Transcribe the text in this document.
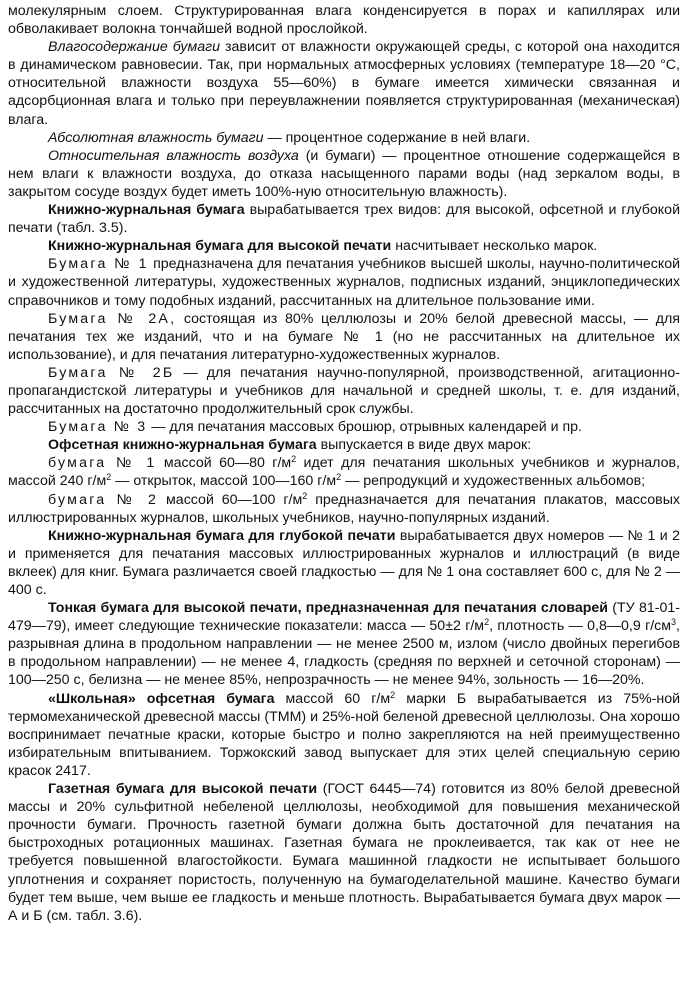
молекулярным слоем. Структурированная влага конденсируется в порах и капиллярах или обволакивает волокна тончайшей водной прослойкой.

Влагосодержание бумаги зависит от влажности окружающей среды, с которой она находится в динамическом равновесии. Так, при нормальных атмосферных условиях (температуре 18—20 °С, относительной влажности воздуха 55—60%) в бумаге имеется химически связанная и адсорбционная влага и только при переувлажнении появляется структурированная (механическая) влага.

Абсолютная влажность бумаги — процентное содержание в ней влаги.

Относительная влажность воздуха (и бумаги) — процентное отношение содержащейся в нем влаги к влажности воздуха, до отказа насыщенного парами воды (над зеркалом воды, в закрытом сосуде воздух будет иметь 100%-ную относительную влажность).

Книжно-журнальная бумага вырабатывается трех видов: для высокой, офсетной и глубокой печати (табл. 3.5).

Книжно-журнальная бумага для высокой печати насчитывает несколько марок.

Бумага № 1 предназначена для печатания учебников высшей школы, научно-политической и художественной литературы, художественных журналов, подписных изданий, энциклопедических справочников и тому подобных изданий, рассчитанных на длительное пользование ими.

Бумага № 2А, состоящая из 80% целлюлозы и 20% белой древесной массы, — для печатания тех же изданий, что и на бумаге № 1 (но не рассчитанных на длительное их использование), и для печатания литературно-художественных журналов.

Бумага № 2Б — для печатания научно-популярной, производственной, агитационно-пропагандистской литературы и учебников для начальной и средней школы, т. е. для изданий, рассчитанных на достаточно продолжительный срок службы.

Бумага № 3 — для печатания массовых брошюр, отрывных календарей и пр.

Офсетная книжно-журнальная бумага выпускается в виде двух марок:

бумага № 1 массой 60—80 $г/м^2$ идет для печатания школьных учебников и журналов, массой 240 $г/м^2$ — открыток, массой 100—160 $г/м^2$ — репродукций и художественных альбомов;

бумага № 2 массой 60—100 $г/м^2$ предназначается для печатания плакатов, массовых иллюстрированных журналов, школьных учебников, научно-популярных изданий.

Книжно-журнальная бумага для глубокой печати вырабатывается двух номеров — № 1 и 2 и применяется для печатания массовых иллюстрированных журналов и иллюстраций (в виде вклеек) для книг. Бумага различается своей гладкостью — для № 1 она составляет 600 с, для № 2 — 400 с.

Тонкая бумага для высокой печати, предназначенная для печатания словарей (ТУ 81-01-479—79), имеет следующие технические показатели: масса — 50±2 $г/м^2$, плотность — 0,8—0,9 $г/см^3$, разрывная длина в продольном направлении — не менее 2500 м, излом (число двойных перегибов в продольном направлении) — не менее 4, гладкость (средняя по верхней и сеточной сторонам) — 100—250 с, белизна — не менее 85%, непрозрачность — не менее 94%, зольность — 16—20%.

«Школьная» офсетная бумага массой 60 $г/м^2$ марки Б вырабатывается из 75%-ной термомеханической древесной массы (ТММ) и 25%-ной беленой древесной целлюлозы. Она хорошо воспринимает печатные краски, которые быстро и полно закрепляются на ней преимущественно избирательным впитыванием. Торжокский завод выпускает для этих целей специальную серию красок 2417.

Газетная бумага для высокой печати (ГОСТ 6445—74) готовится из 80% белой древесной массы и 20% сульфитной небеленой целлюлозы, необходимой для повышения механической прочности бумаги. Прочность газетной бумаги должна быть достаточной для печатания на быстроходных ротационных машинах. Газетная бумага не проклеивается, так как от нее не требуется повышенной влагостойкости. Бумага машинной гладкости не испытывает большого уплотнения и сохраняет пористость, полученную на бумагоделательной машине. Качество бумаги будет тем выше, чем выше ее гладкость и меньше плотность. Вырабатывается бумага двух марок — А и Б (см. табл. 3.6).
